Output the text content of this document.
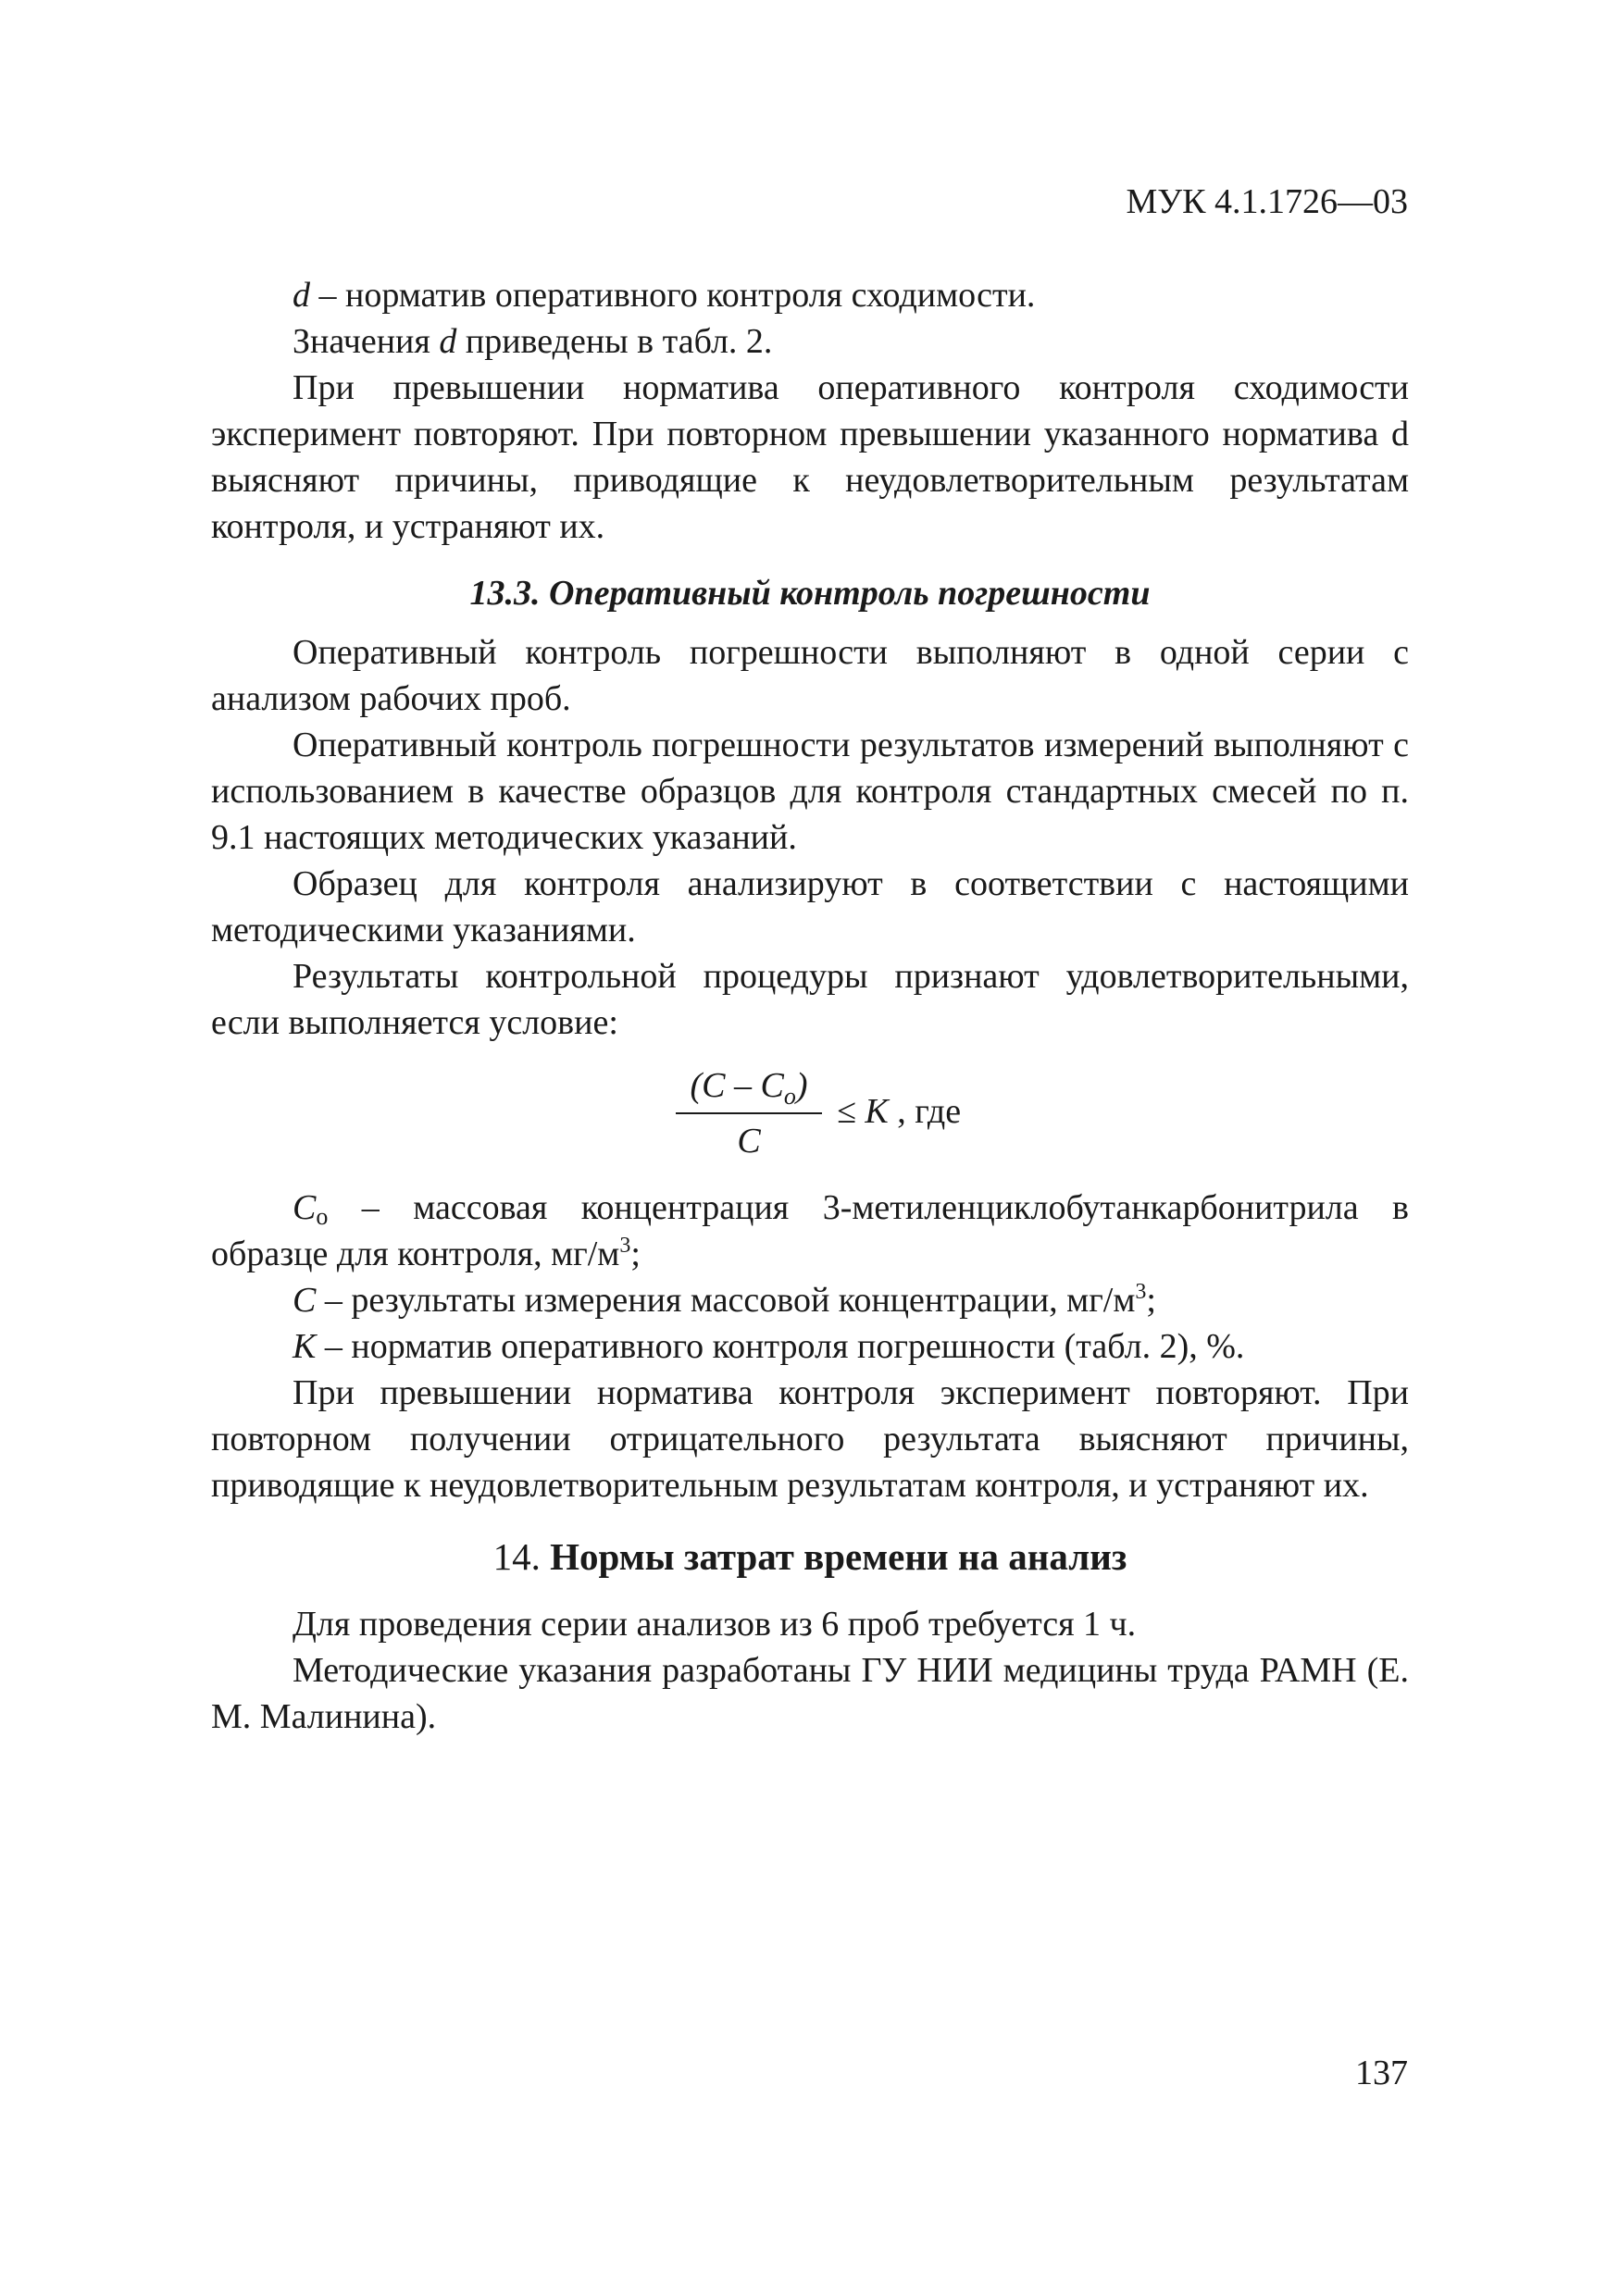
МУК 4.1.1726—03

d – норматив оперативного контроля сходимости.

Значения d приведены в табл. 2.

При превышении норматива оперативного контроля сходимости эксперимент повторяют. При повторном превышении указанного норматива d выясняют причины, приводящие к неудовлетворительным результатам контроля, и устраняют их.

13.3. Оперативный контроль погрешности

Оперативный контроль погрешности выполняют в одной серии с анализом рабочих проб.

Оперативный контроль погрешности результатов измерений выполняют с использованием в качестве образцов для контроля стандартных смесей по п. 9.1 настоящих методических указаний.

Образец для контроля анализируют в соответствии с настоящими методическими указаниями.

Результаты контрольной процедуры признают удовлетворительными, если выполняется условие:

$(C - C_o)$
C
≤ K , где

Cо – массовая концентрация 3-метиленциклобутанкарбонитрила в образце для контроля, $мг/м^3$;

C – результаты измерения массовой концентрации, $мг/м^3$;

K – норматив оперативного контроля погрешности (табл. 2), %.

При превышении норматива контроля эксперимент повторяют. При повторном получении отрицательного результата выясняют причины, приводящие к неудовлетворительным результатам контроля, и устраняют их.

14. Нормы затрат времени на анализ

Для проведения серии анализов из 6 проб требуется 1 ч.

Методические указания разработаны ГУ НИИ медицины труда РАМН (Е. М. Малинина).

137
